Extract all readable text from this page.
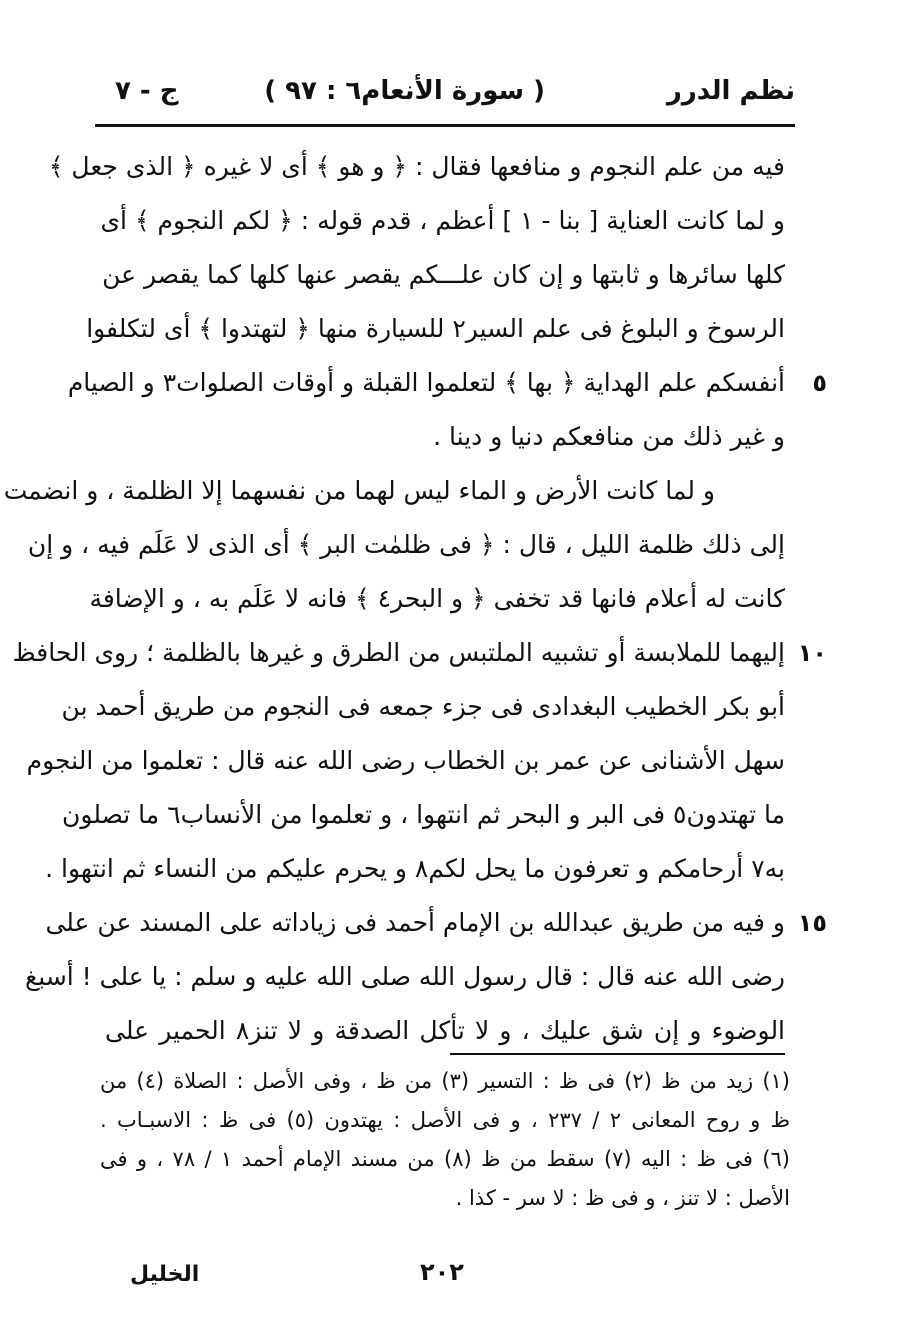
نظم الدرر
( سورة الأنعام٦ : ٩٧ )
ج - ٧
فيه من علم النجوم و منافعها فقال : ﴿ و هو ﴾ أى لا غيره ﴿ الذى جعل ﴾
و لما كانت العناية [ بنا - ١ ] أعظم ، قدم قوله : ﴿ لكم النجوم ﴾ أى
كلها سائرها و ثابتها و إن كان علـــكم يقصر عنها كلها كما يقصر عن
الرسوخ و البلوغ فى علم السير٢ للسيارة منها ﴿ لتهتدوا ﴾ أى لتكلفوا
أنفسكم علم الهداية ﴿ بها ﴾ لتعلموا القبلة و أوقات الصلوات٣ و الصيام ٥
و غير ذلك من منافعكم دنيا و دينا .
و لما كانت الأرض و الماء ليس لهما من نفسهما إلا الظلمة ، و انضمت
إلى ذلك ظلمة الليل ، قال : ﴿ فى ظلمٰت البر ﴾ أى الذى لا عَلَم فيه ، و إن
كانت له أعلام فانها قد تخفى ﴿ و البحر٤ ﴾ فانه لا عَلَم به ، و الإضافة
إليهما للملابسة أو تشبيه الملتبس من الطرق و غيرها بالظلمة ؛ روى الحافظ ١٠
أبو بكر الخطيب البغدادى فى جزء جمعه فى النجوم من طريق أحمد بن
سهل الأشنانى عن عمر بن الخطاب رضى الله عنه قال : تعلموا من النجوم
ما تهتدون٥ فى البر و البحر ثم انتهوا ، و تعلموا من الأنساب٦ ما تصلون
به٧ أرحامكم و تعرفون ما يحل لكم٨ و يحرم عليكم من النساء ثم انتهوا .
و فيه من طريق عبدالله بن الإمام أحمد فى زياداته على المسند عن على ١٥
رضى الله عنه قال : قال رسول الله صلى الله عليه و سلم : يا على ! أسبغ
الوضوء و إن شق عليك ، و لا تأكل الصدقة و لا تنز٨ الحمير على
(١) زيد من ظ (٢) فى ظ : التسير (٣) من ظ ، وفى الأصل : الصلاة (٤) من
ظ و روح المعانى ٢ / ٢٣٧ ، و فى الأصل : يهتدون (٥) فى ظ : الاسبـاب .
(٦) فى ظ : اليه (٧) سقط من ظ (٨) من مسند الإمام أحمد ١ / ٧٨ ، و فى
الأصل : لا تنز ، و فى ظ : لا سر - كذا .
٢٠٢
الخليل
